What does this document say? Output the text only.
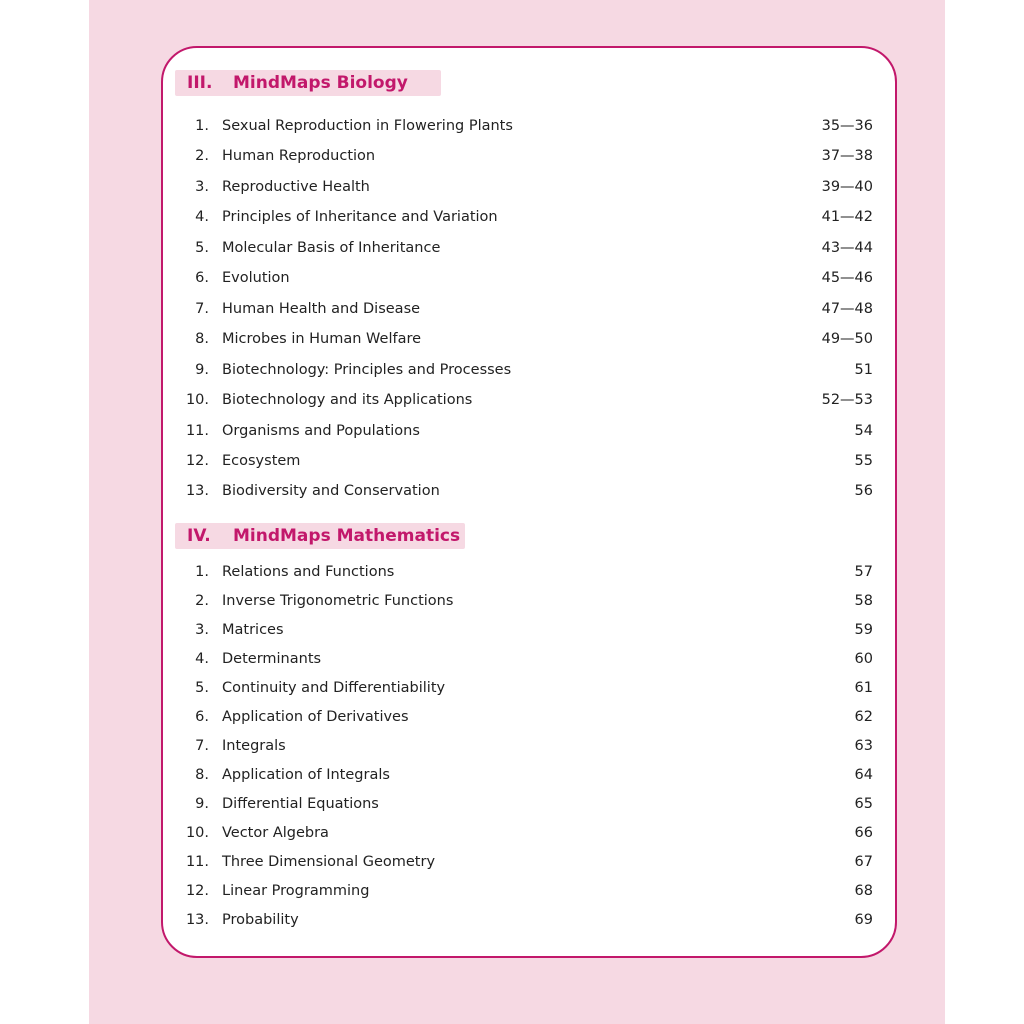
III.	MindMaps Biology
1. Sexual Reproduction in Flowering Plants	35—36
2. Human Reproduction	37—38
3. Reproductive Health	39—40
4. Principles of Inheritance and Variation	41—42
5. Molecular Basis of Inheritance	43—44
6. Evolution	45—46
7. Human Health and Disease	47—48
8. Microbes in Human Welfare	49—50
9. Biotechnology: Principles and Processes	51
10. Biotechnology and its Applications	52—53
11. Organisms and Populations	54
12. Ecosystem	55
13. Biodiversity and Conservation	56
IV.	MindMaps Mathematics
1. Relations and Functions	57
2. Inverse Trigonometric Functions	58
3. Matrices	59
4. Determinants	60
5. Continuity and Differentiability	61
6. Application of Derivatives	62
7. Integrals	63
8. Application of Integrals	64
9. Differential Equations	65
10. Vector Algebra	66
11. Three Dimensional Geometry	67
12. Linear Programming	68
13. Probability	69
